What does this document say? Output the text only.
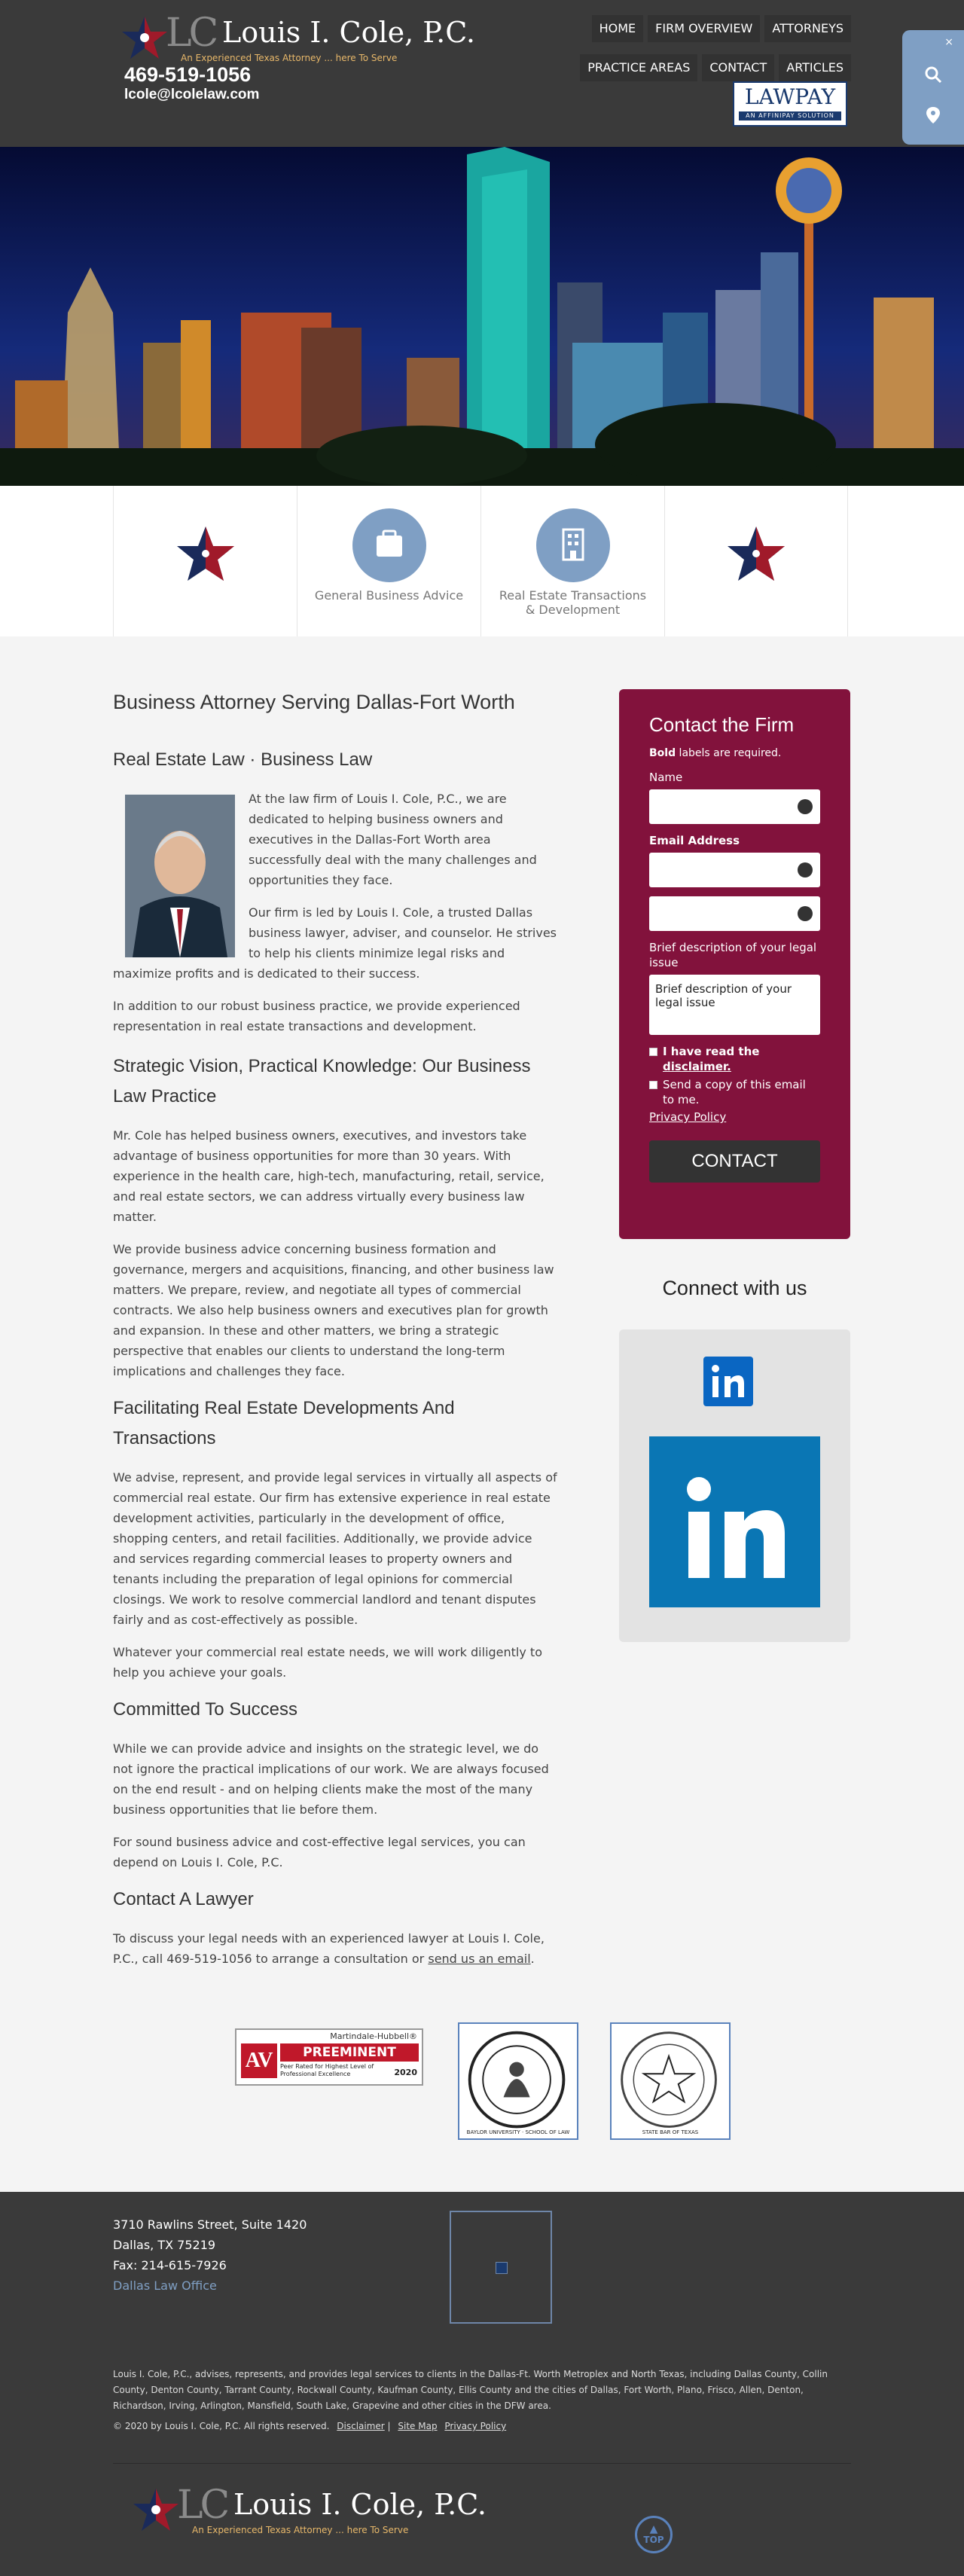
LC Louis I. Cole, P.C.
An Experienced Texas Attorney ... here To Serve
469-519-1056
lcole@lcolelaw.com
HOME	FIRM OVERVIEW	ATTORNEYS
PRACTICE AREAS	CONTACT	ARTICLES
LAWPAY
AN AFFINIPAY SOLUTION
×
General Business Advice	Real Estate Transactions & Development
Business Attorney Serving Dallas-Fort Worth
Real Estate Law · Business Law

At the law firm of Louis I. Cole, P.C., we are dedicated to helping business owners and executives in the Dallas-Fort Worth area successfully deal with the many challenges and opportunities they face.

Our firm is led by Louis I. Cole, a trusted Dallas business lawyer, adviser, and counselor. He strives to help his clients minimize legal risks and maximize profits and is dedicated to their success.

In addition to our robust business practice, we provide experienced representation in real estate transactions and development.

Strategic Vision, Practical Knowledge: Our Business Law Practice

Mr. Cole has helped business owners, executives, and investors take advantage of business opportunities for more than 30 years. With experience in the health care, high-tech, manufacturing, retail, service, and real estate sectors, we can address virtually every business law matter.

We provide business advice concerning business formation and governance, mergers and acquisitions, financing, and other business law matters. We prepare, review, and negotiate all types of commercial contracts. We also help business owners and executives plan for growth and expansion. In these and other matters, we bring a strategic perspective that enables our clients to understand the long-term implications and challenges they face.

Facilitating Real Estate Developments And Transactions

We advise, represent, and provide legal services in virtually all aspects of commercial real estate. Our firm has extensive experience in real estate development activities, particularly in the development of office, shopping centers, and retail facilities. Additionally, we provide advice and services regarding commercial leases to property owners and tenants including the preparation of legal opinions for commercial closings. We work to resolve commercial landlord and tenant disputes fairly and as cost-effectively as possible.

Whatever your commercial real estate needs, we will work diligently to help you achieve your goals.

Committed To Success

While we can provide advice and insights on the strategic level, we do not ignore the practical implications of our work. We are always focused on the end result - and on helping clients make the most of the many business opportunities that lie before them.

For sound business advice and cost-effective legal services, you can depend on Louis I. Cole, P.C.

Contact A Lawyer

To discuss your legal needs with an experienced lawyer at Louis I. Cole, P.C., call 469-519-1056 to arrange a consultation or send us an email.

Contact the Firm
Bold labels are required.
Name
Email Address
Brief description of your legal issue
Brief description of your legal issue
I have read the disclaimer.
Send a copy of this email to me.
Privacy Policy
CONTACT
Connect with us
Martindale-Hubbell®
AV	PREEMINENT
Peer Rated for Highest Level of Professional Excellence	2020
BAYLOR UNIVERSITY · SCHOOL OF LAW	STATE BAR OF TEXAS
3710 Rawlins Street, Suite 1420
Dallas, TX 75219
Fax: 214-615-7926
Dallas Law Office
Louis I. Cole, P.C., advises, represents, and provides legal services to clients in the Dallas-Ft. Worth Metroplex and North Texas, including Dallas County, Collin County, Denton County, Tarrant County, Rockwall County, Kaufman County, Ellis County and the cities of Dallas, Fort Worth, Plano, Frisco, Allen, Denton, Richardson, Irving, Arlington, Mansfield, South Lake, Grapevine and other cities in the DFW area.
© 2020 by Louis I. Cole, P.C. All rights reserved. Disclaimer | Site Map Privacy Policy
LC Louis I. Cole, P.C.
An Experienced Texas Attorney ... here To Serve	▲
TOP
